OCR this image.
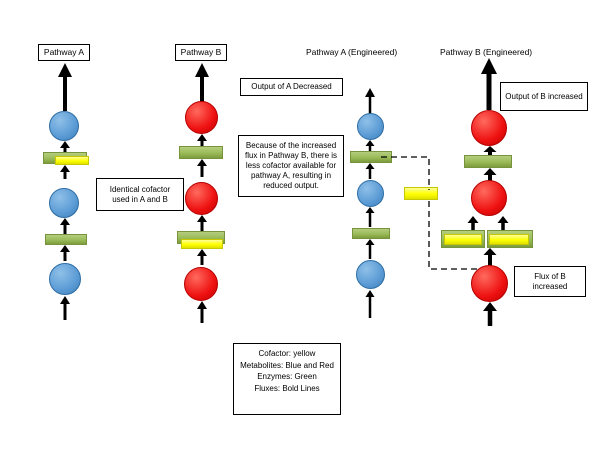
Pathway A	Pathway B	Pathway A (Engineered)	Pathway B (Engineered)
Output of A Decreased
Output of B increased
Identical cofactor used in A and B
Because of the increased flux in Pathway B, there is less cofactor available for pathway A, resulting in reduced output.
Flux of B increased
Cofactor: yellow
Metabolites: Blue and Red
Enzymes: Green
Fluxes: Bold Lines
